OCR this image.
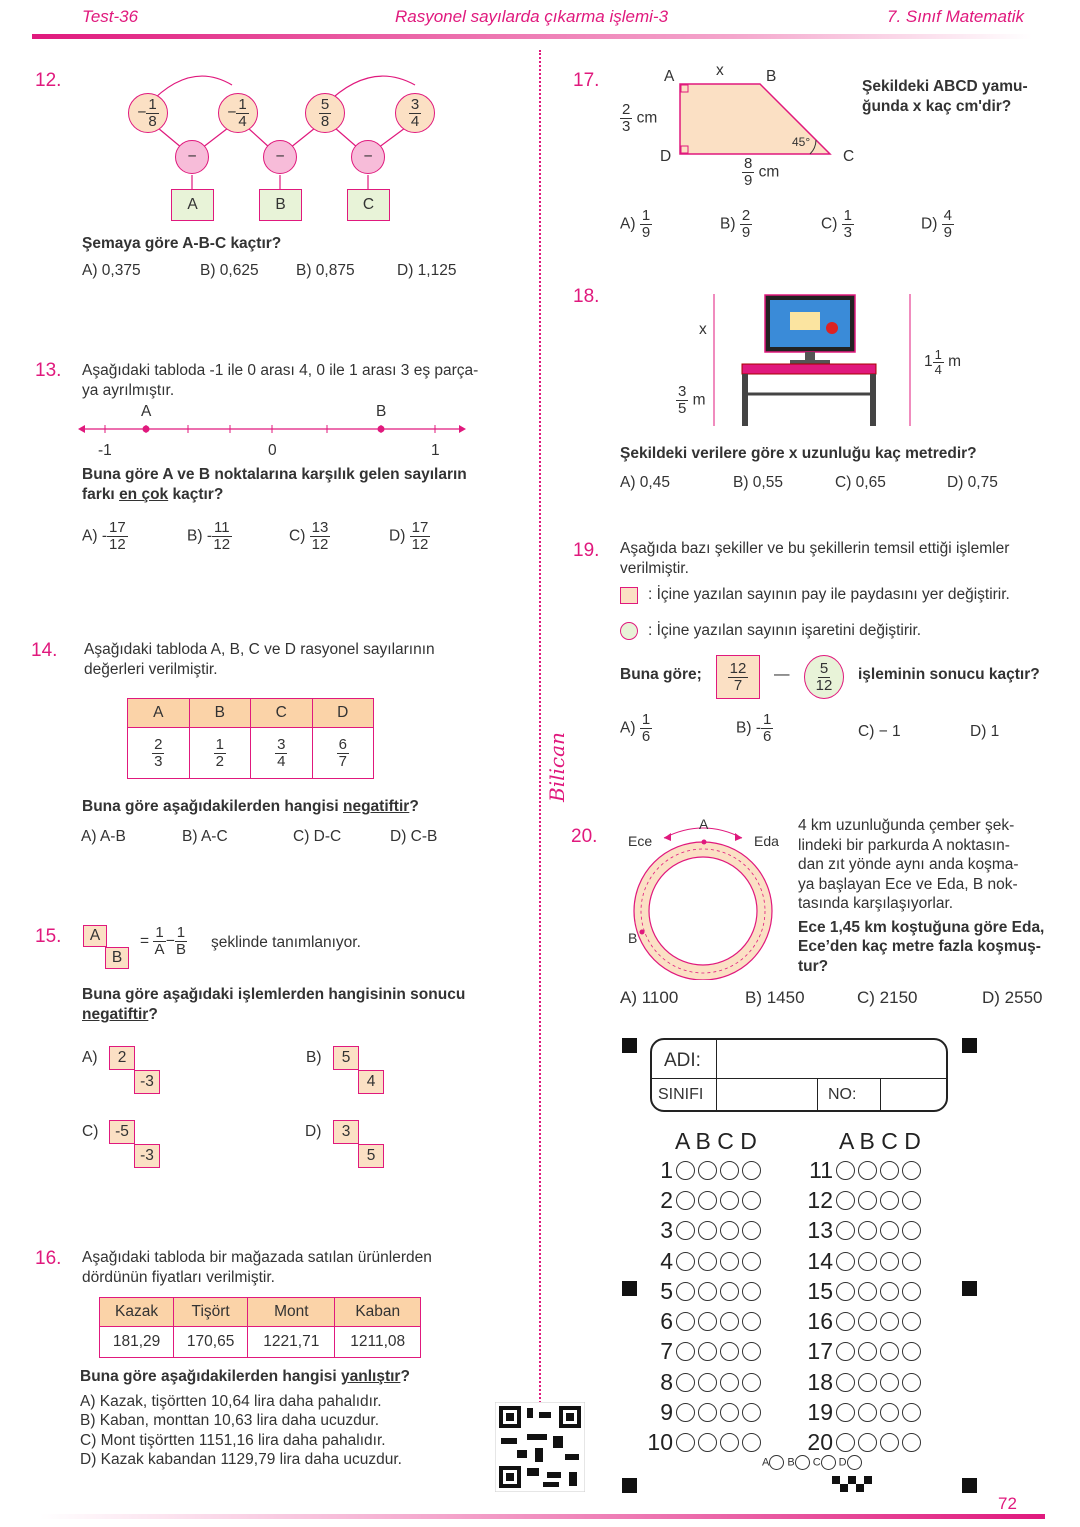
Test-36	Rasyonel sayılarda çıkarma işlemi-3	7. Sınıf Matematik
Bilican
12.
− $\frac{1}{8}$	− $\frac{1}{4}$	5
8
3
4
−	−	−
A	B	C
Şemaya göre A-B-C kaçtır?
A) 0,375	B) 0,625 B) 0,875	D) 1,125
13. Aşağıdaki tabloda -1 ile 0 arası 4, 0 ile 1 arası 3 eş parça-
ya ayrılmıştır.
A	B
-1	0	1
Buna göre A ve B noktalarına karşılık gelen sayıların
farkı en çok kaçtır?
$A) - \frac{17}{12}$	$B) - \frac{11}{12}$	$C) \frac{13}{12}$	$D) \frac{17}{12}$
14. Aşağıdaki tabloda A, B, C ve D rasyonel sayılarının
değerleri verilmiştir.
A	B	C	D

$\frac{2}{3}$	$\frac{1}{2}$	$\frac{3}{4}$	$\frac{6}{7}$
Buna göre aşağıdakilerden hangisi negatiftir?
A) A-B	B) A-C	C) D-C	D) C-B
15.	A
B
= $\frac{1}{A} - \frac{1}{B}$ şeklinde tanımlanıyor.
Buna göre aşağıdaki işlemlerden hangisinin sonucu
negatiftir?
A)	2
-3
B)	5
4
C)	-5
-3
D)	3
5
16. Aşağıdaki tabloda bir mağazada satılan ürünlerden
dördünün fiyatları verilmiştir.
Kazak	Tişört	Mont	Kaban
181,29	170,65	1221,71	1211,08
Buna göre aşağıdakilerden hangisi yanlıştır?
A) Kazak, tişörtten 10,64 lira daha pahalıdır.
B) Kaban, monttan 10,63 lira daha ucuzdur.
C) Mont tişörtten 1151,16 lira daha pahalıdır.
D) Kazak kabandan 1129,79 lira daha ucuzdur.
17.	A	B
C
D
x
45°
$\frac{2}{3}$ cm
$\frac{8}{9}$ cm
Şekildeki ABCD yamu-
ğunda x kaç cm'dir?
$A) \frac{1}{9}$	$B) \frac{2}{9}$	$C) \frac{1}{3}$	$D) \frac{4}{9}$
18.
x
$\frac{3}{5}$ m
$1 \frac{1}{4}$ m
Şekildeki verilere göre x uzunluğu kaç metredir?
A) 0,45	B) 0,55	C) 0,65	D) 0,75
19. Aşağıda bazı şekiller ve bu şekillerin temsil ettiği işlemler
verilmiştir.
: İçine yazılan sayının pay ile paydasını yer değiştirir.
: İçine yazılan sayının işaretini değiştirir.
Buna göre; 12
7
— 5
12
işleminin sonucu kaçtır?
$A) \frac{1}{6}$	$B) - \frac{1}{6}$	C) − 1	D) 1
20.
A
Ece	Eda
B
4 km uzunluğunda çember şek-
lindeki bir parkurda A noktasın-
dan zıt yönde aynı anda koşma-
ya başlayan Ece ve Eda, B nok-
tasında karşılaşıyorlar.
Ece 1,45 km koştuğuna göre Eda,
Ece’den kaç metre fazla koşmuş-
tur?
A) 1100	B) 1450	C) 2150	D) 2550
ADI:
SINIFI	NO:
A B C D	A B C D
1
2
3
4
5
6
7
8
9
10
11
12
13
14
15
16
17
18
19
20
A B C D
72
